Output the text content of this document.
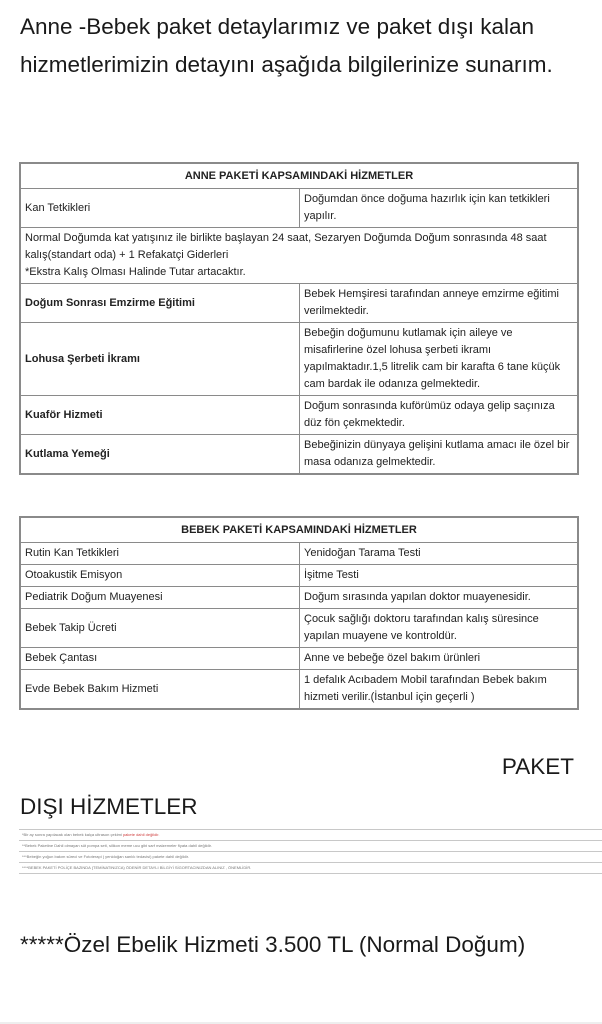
Anne -Bebek paket detaylarımız ve paket dışı kalan hizmetlerimizin detayını aşağıda bilgilerinize sunarım.

ANNE PAKETİ KAPSAMINDAKİ HİZMETLER	
Kan Tetkikleri	Doğumdan önce doğuma hazırlık için kan tetkikleri yapılır.
Normal Doğumda kat yatışınız ile birlikte başlayan 24 saat, Sezaryen Doğumda Doğum sonrasında 48 saat kalış(standart oda) + 1 Refakatçi Giderleri
*Ekstra Kalış Olması Halinde Tutar artacaktır.	
Doğum Sonrası Emzirme Eğitimi	Bebek Hemşiresi tarafından anneye emzirme eğitimi verilmektedir.
Lohusa Şerbeti İkramı	Bebeğin doğumunu kutlamak için aileye ve misafirlerine özel lohusa şerbeti ikramı yapılmaktadır.1,5 litrelik cam bir karafta 6 tane küçük cam bardak ile odanıza gelmektedir.
Kuaför Hizmeti	Doğum sonrasında kuförümüz odaya gelip saçınıza düz fön çekmektedir.
Kutlama Yemeği	Bebeğinizin dünyaya gelişini kutlama amacı ile özel bir masa odanıza gelmektedir.
BEBEK PAKETİ KAPSAMINDAKİ HİZMETLER	
Rutin Kan Tetkikleri	Yenidoğan Tarama Testi
Otoakustik Emisyon	İşitme Testi
Pediatrik Doğum Muayenesi	Doğum sırasında yapılan doktor muayenesidir.
Bebek Takip Ücreti	Çocuk sağlığı doktoru tarafından kalış süresince yapılan muayene ve kontroldür.
Bebek Çantası	Anne ve bebeğe özel bakım ürünleri
Evde Bebek Bakım Hizmeti	1 defalık Acıbadem Mobil tarafından Bebek bakım hizmeti verilir.(İstanbul için geçerli )
PAKET
DIŞI HİZMETLER
*Bir ay sonra yapılacak olan bebek kalça ultrason çekimi pakete dahil değildir.
**Bebek Paketine Dahil olmayan süt pompa seti, silikon meme ucu gibi sarf malzemeler fiyata dahil değildir.
***Bebeğin yoğun bakım süreci ve Fototerapi ( yenidoğan sarılık tedavisi) pakete dahil değildir.
****BEBEK PAKETİ POLİÇE BAZINDA (TEMİNATINIZCA) ÖDENİR DETAYLI BİLGİYİ SİGORTACINIZDAN ALINIZ , ÖNEMLİDİR.

*****Özel Ebelik Hizmeti 3.500 TL (Normal Doğum)
